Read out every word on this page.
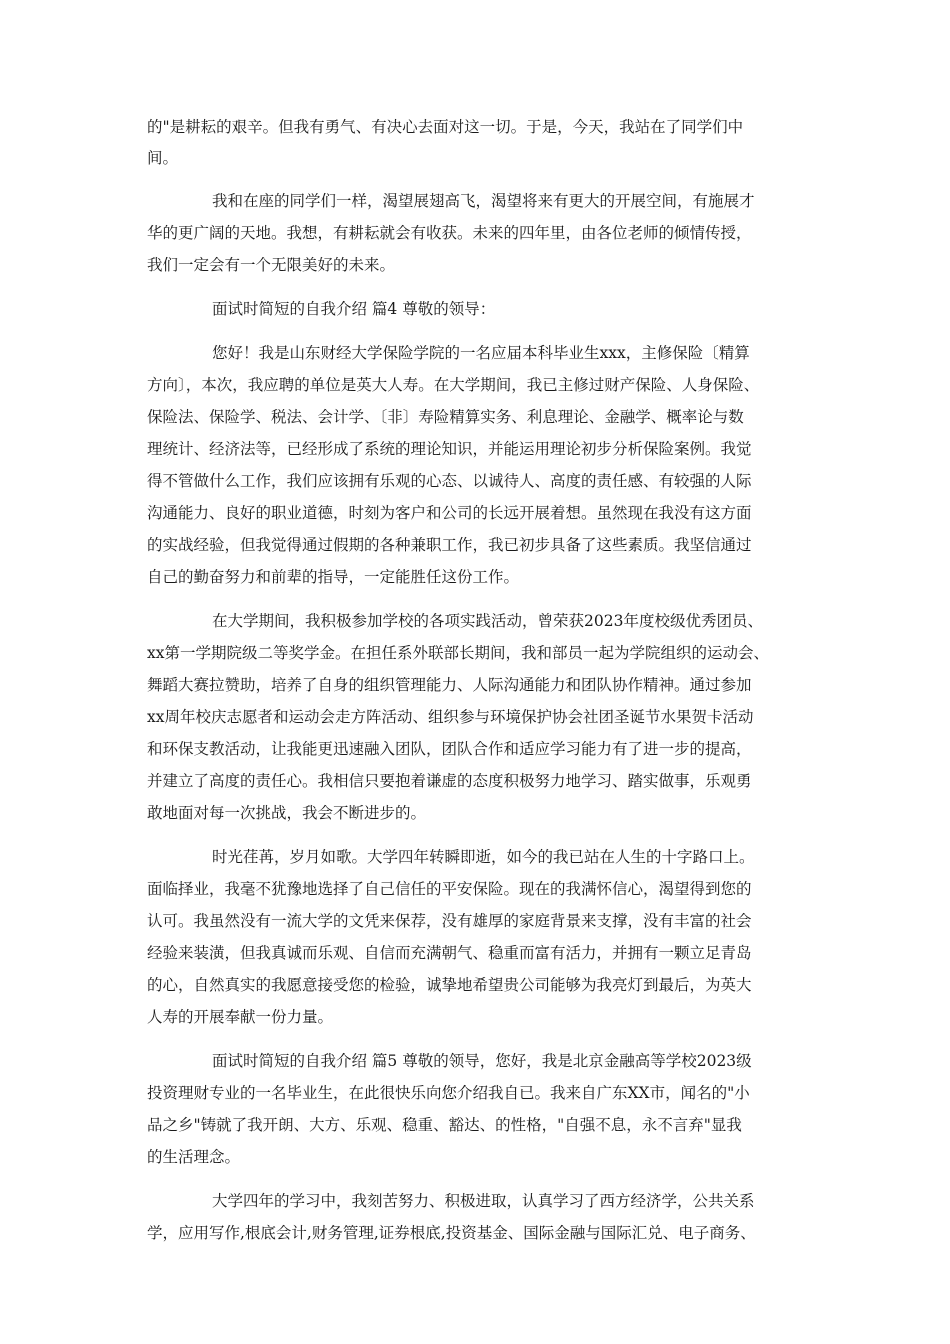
的"是耕耘的艰辛。但我有勇气、有决心去面对这一切。于是，今天，我站在了同学们中
间。
我和在座的同学们一样，渴望展翅高飞，渴望将来有更大的开展空间，有施展才
华的更广阔的天地。我想，有耕耘就会有收获。未来的四年里，由各位老师的倾情传授，
我们一定会有一个无限美好的未来。
面试时简短的自我介绍 篇4 尊敬的领导：
您好！我是山东财经大学保险学院的一名应届本科毕业生xxx，主修保险〔精算
方向〕，本次，我应聘的单位是英大人寿。在大学期间，我已主修过财产保险、人身保险、
保险法、保险学、税法、会计学、〔非〕寿险精算实务、利息理论、金融学、概率论与数
理统计、经济法等，已经形成了系统的理论知识，并能运用理论初步分析保险案例。我觉
得不管做什么工作，我们应该拥有乐观的心态、以诚待人、高度的责任感、有较强的人际
沟通能力、良好的职业道德，时刻为客户和公司的长远开展着想。虽然现在我没有这方面
的实战经验，但我觉得通过假期的各种兼职工作，我已初步具备了这些素质。我坚信通过
自己的勤奋努力和前辈的指导，一定能胜任这份工作。
在大学期间，我积极参加学校的各项实践活动，曾荣获2023年度校级优秀团员、
xx第一学期院级二等奖学金。在担任系外联部长期间，我和部员一起为学院组织的运动会、
舞蹈大赛拉赞助，培养了自身的组织管理能力、人际沟通能力和团队协作精神。通过参加
xx周年校庆志愿者和运动会走方阵活动、组织参与环境保护协会社团圣诞节水果贺卡活动
和环保支教活动，让我能更迅速融入团队，团队合作和适应学习能力有了进一步的提高，
并建立了高度的责任心。我相信只要抱着谦虚的态度积极努力地学习、踏实做事，乐观勇
敢地面对每一次挑战，我会不断进步的。
时光荏苒，岁月如歌。大学四年转瞬即逝，如今的我已站在人生的十字路口上。
面临择业，我毫不犹豫地选择了自己信任的平安保险。现在的我满怀信心，渴望得到您的
认可。我虽然没有一流大学的文凭来保荐，没有雄厚的家庭背景来支撑，没有丰富的社会
经验来装潢，但我真诚而乐观、自信而充满朝气、稳重而富有活力，并拥有一颗立足青岛
的心，自然真实的我愿意接受您的检验，诚挚地希望贵公司能够为我亮灯到最后，为英大
人寿的开展奉献一份力量。
面试时简短的自我介绍 篇5 尊敬的领导，您好，我是北京金融高等学校2023级
投资理财专业的一名毕业生，在此很快乐向您介绍我自已。我来自广东XX市，闻名的"小
品之乡"铸就了我开朗、大方、乐观、稳重、豁达、的性格，"自强不息，永不言弃"显我
的生活理念。
大学四年的学习中，我刻苦努力、积极进取，认真学习了西方经济学，公共关系
学，应用写作,根底会计,财务管理,证券根底,投资基金、国际金融与国际汇兑、电子商务、
